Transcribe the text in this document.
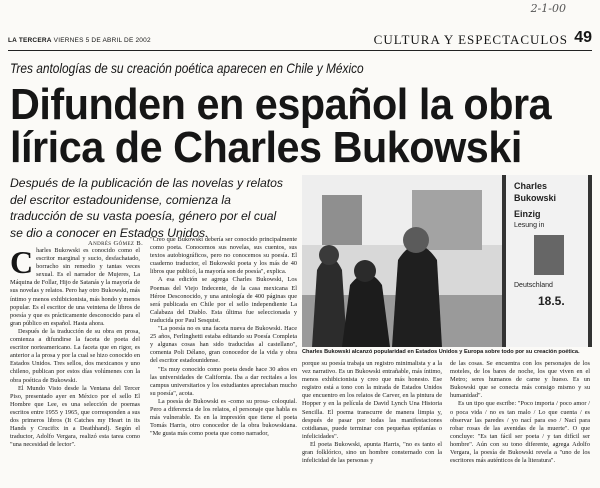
2-1-00
LA TERCERA VIERNES 5 DE ABRIL DE 2002	CULTURA Y ESPECTACULOS 49
Tres antologías de su creación poética aparecen en Chile y México
Difunden en español la obra
lírica de Charles Bukowski
Después de la publicación de las novelas y relatos del escritor estadounidense, comienza la traducción de su vasta poesía, género por el cual se dio a conocer en Estados Unidos.
Andrés Gómez B.
C harles Bukowski es conocido como el escritor marginal y sucio, desfachatado, borracho sin remedio y tantas veces sexual. Es el narrador de Mujeres, La Máquina de Follar, Hijo de Satanás y la mayoría de sus novelas y relatos. Pero hay otro Bukowski, más íntimo y menos exhibicionista, más hondo y menos popular. Es el escritor de una veintena de libros de poesía y que es prácticamente desconocido para el gran público en español. Hasta ahora.

Después de la traducción de su obra en prosa, comienza a difundirse la faceta de poeta del escritor norteamericano. La faceta que en rigor, es anterior a la prosa y por la cual se hizo conocido en Estados Unidos. Tres sellos, dos mexicanos y uno chileno, publican por estos días volúmenes con la obra poética de Bukowski.

El Mundo Visto desde la Ventana del Tercer Piso, presentado ayer en México por el sello El Hombre que Lee, es una selección de poemas escritos entre 1955 y 1965, que corresponden a sus dos primeros libros (It Catches my Heart in its Hands y Crucifix in a Deathhand). Según el traductor, Adolfo Vergara, realizó esta tarea como "una necesidad de lector".

"Creo que Bukowski debería ser conocido principalmente como poeta. Conocemos sus novelas, sus cuentos, sus textos autobiográficos, pero no conocemos su poesía. El cuaderno traductor, el Bukowski poeta y los más de 40 libros que publicó, la mayoría son de poesía", explica.

A esa edición se agrega Charles Bukowski, Los Poemas del Viejo Indecente, de la casa mexicana El Héroe Desconocido, y una antología de 400 páginas que será publicada en Chile por el sello independiente La Calabaza del Diablo. Esta última fue seleccionada y traducida por Paul Sesquist.

"La poesía no es una faceta nueva de Bukowski. Hace 25 años, Ferlinghetti estaba editando su Poesía Completa y algunas cosas han sido traducidas al castellano", comenta Poli Délano, gran conocedor de la vida y obra del escritor estadounidense.

"Es muy conocido como poeta desde hace 30 años en las universidades de California. Iba a dar recitales a los campus universitarios y los estudiantes apreciaban mucho su poesía", acota.

La poesía de Bukowski es -como su prosa- coloquial. Pero a diferencia de los relatos, el personaje que habla es más vulnerable. Es en la impresión que tiene el poeta Tomás Harris, otro conocedor de la obra bukowskiana. "Me gusta más como poeta que como narrador,

Charles
Bukowski
Einzig
Lesung in
Deutschland
18.5.
Charles Bukowski alcanzó popularidad en Estados Unidos y Europa sobre todo por su creación poética.

porque su poesía trabaja un registro minimalista y a la vez narrativo. Es un Bukowski entrañable, más íntimo, menos exhibicionista y creo que más honesto. Ese registro está a tono con la mirada de Estados Unidos que encuentro en los relatos de Carver, en la pintura de Hopper y en la película de David Lynch Una Historia Sencilla. El poema transcurre de manera limpia y, después de pasar por todas las manifestaciones cotidianas, puede terminar con pequeñas epifanías o infelicidades".

El poeta Bukowski, apunta Harris, "no es tanto el gran folklórico, sino un hombre consternado con la infelicidad de las personas y

de las cosas. Se encuentra con los personajes de los moteles, de los bares de noche, los que viven en el Metro; seres humanos de carne y hueso. Es un Bukowski que se conecta más consigo mismo y su humanidad".

Es un tipo que escribe: "Poco importa / poco amor / o poca vida / no es tan malo / Lo que cuenta / es observar las paredes / yo nací para eso / Nací para robar rosas de las avenidas de la muerte". O que concluye: "Es tan fácil ser poeta / y tan difícil ser hombre". Aún con su tono diferente, agrega Adolfo Vergara, la poesía de Bukowski revela a "uno de los escritores más auténticos de la literatura".
